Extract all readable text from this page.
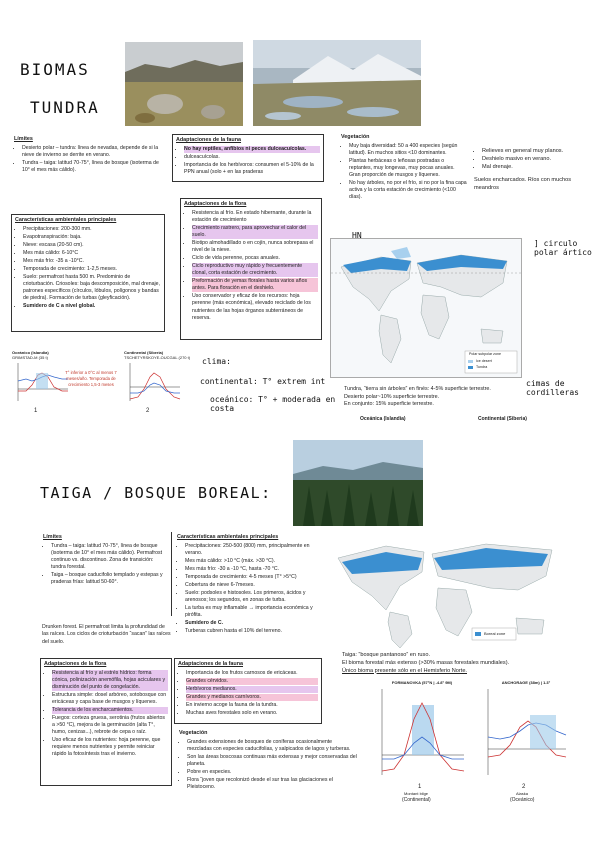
BIOMAS
TUNDRA
Límites
• Desierto polar – tundra: línea de nevadas, depende de si la nieve de invierno se derrite en verano.
• Tundra – taiga: latitud 70-75°, línea de bosque (isoterma de 10° el mes más cálido).
Características ambientales principales
• Precipitaciones: 200-300 mm.
• Evapotranspiración: baja.
• Nieve: escasa (20-50 cm).
• Mes más cálido: 6-10°C
• Mes más frío: -35 a -10°C.
• Temporada de crecimiento: 1-2,5 meses.
• Suelo: permafrost hasta 500 m. Predominio de crioturbación. Criosoles: baja descomposición, mal drenaje, patrones específicos (círculos, lóbulos, polígonos y bandas de piedra). Formación de turbas (gleyficación).
• Sumidero de C a nivel global.
Adaptaciones de la fauna
• No hay reptiles, anfibios ni peces dulceacuícolas.
• dulceacuícolas.
• Importancia de los herbívoros: consumen el 5-10% de la PPN anual (solo + en las praderas
Adaptaciones de la flora
• Resistencia al frío. En estado hibernante, durante la estación de crecimiento
• Crecimiento rastrero, para aprovechar el calor del suelo.
• Biotipo almohadillado o en cojín, nunca sobrepasa el nivel de la nieve.
• Ciclo de vida perenne, pocas anuales.
• Ciclo reproductivo muy rápido y frecuentemente clonal, corta estación de crecimiento.
• Preformación de yemas florales hasta varios años antes. Para floración en el deshielo.
• Uso conservador y eficaz de los recursos: hoja perenne (más económica), elevado reciclado de los nutrientes de las hojas órganos subterráneos de reserva.
Vegetación
• Muy baja diversidad: 50 a 400 especies (según latitud). En muchos sitios <10 dominantes.
• Plantas herbáceas o leñosas postradas o reptantes, muy longevas, muy pocas anuales. Gran proporción de musgos y líquenes.
• No hay árboles, no por el frío, si no por la fina capa activa y la corta estación de crecimiento (<100 días).
• Relieves en general muy planos.
• Deshielo masivo en verano.
• Mal drenaje.
Suelos encharcados. Ríos con muchos meandros
Polar subpolar zone
Ice desert
Tundra
HN
] circulo polar ártico
clima:
continental: T° extrem int
oceánico: T° + moderada en costa
cimas de cordilleras
Tundra, “tierra sin árboles” en finés: 4-5% superficie terrestre.
Desierto polar~10% superficie terrestre.
En conjunto: 15% superficie terrestre.
Oceánica (Islandia)	Continental (Siberia)
Oceánico (Islandia)
GRIMSTAD-M (35 t)
1
T° inferior a 0°C al menos 7 meses/año. Temporada de crecimiento 1,5-3 meses
Continental (Siberia)
TSCHETYRSKOYE-OUCGAL (270 t)
2
TAIGA / BOSQUE BOREAL:
Límites
• Tundra – taiga: latitud 70-75°, línea de bosque (isoterma de 10° el mes más cálido). Permafrost continuo vs. discontinuo. Zona de transición: tundra forestal.
• Taiga – bosque caducifolio templado y estepas y praderas frías: latitud 50-60°.
Drunken forest. El permafrost limita la profundidad de las raíces. Los ciclos de crioturbación “sacan” las raíces del suelo.
Características ambientales principales
• Precipitaciones: 250-500 (800) mm, principalmente en verano.
• Mes más cálido: >10 °C (máx. >30 °C).
• Mes más frío: -30 a -10 °C, hasta -70 °C.
• Temporada de crecimiento: 4-5 meses (T° >5°C)
• Cobertura de nieve 6-7meses.
• Suelo: podsoles e histosoles. Los primeros, ácidos y arenosos; los segundos, en zonas de turba.
• La turba es muy inflamable → importancia económica y pirófita.
• Sumidero de C.
• Turberas cubren hasta el 10% del terreno.
Adaptaciones de la flora
• Resistencia al frío y al estrés hídrico: forma cónica, polinización anemófila, hojas aciculares y disminución del punto de congelación.
• Estructura simple: dosel arbóreo, sotobosque con ericáceas y capa base de musgos y líquenes.
• Tolerancia de los encharcamientos.
• Fuegos: corteza gruesa, serotinia (frutos abiertos a >50 °C), mejora de la germinación (alta T°, humo, cenizas...), rebrote de cepa o raíz.
• Uso eficaz de los nutrientes: hoja perenne, que requiere menos nutrientes y permite reiniciar rápido la fotosíntesis tras el invierno.
Adaptaciones de la fauna
• Importancia de los frutos carnosos de ericáceas.
• Grandes cérvidos.
• Herbívoros medianos.
• Grandes y medianos carnívoros.
• En invierno acoge la fauna de la tundra.
• Muchas aves forestales solo en verano.
Vegetación
• Grandes extensiones de bosques de coníferas ocasionalmente mezcladas con especies caducifolias, y salpicados de lagos y turberas.
• Son las áreas boscosas continuas más extensas y mejor conservadas del planeta.
• Pobre en especies.
• Flora “joven que recolonizó desde el sur tras las glaciaciones el Pleistoceno.
Boreal zone
Taiga: “bosque pantanoso” en ruso.
El bioma forestal más extenso (>30% masas forestales mundiales).
Único bioma presente sólo en el Hemisferio Norte.
FORMANOVKA (57°N | -4.8° 9M)
1
Montant bilge
(Continental)
ANCHORAGE (38m) | 1.3°
2
Alaska
(Oceánico)
